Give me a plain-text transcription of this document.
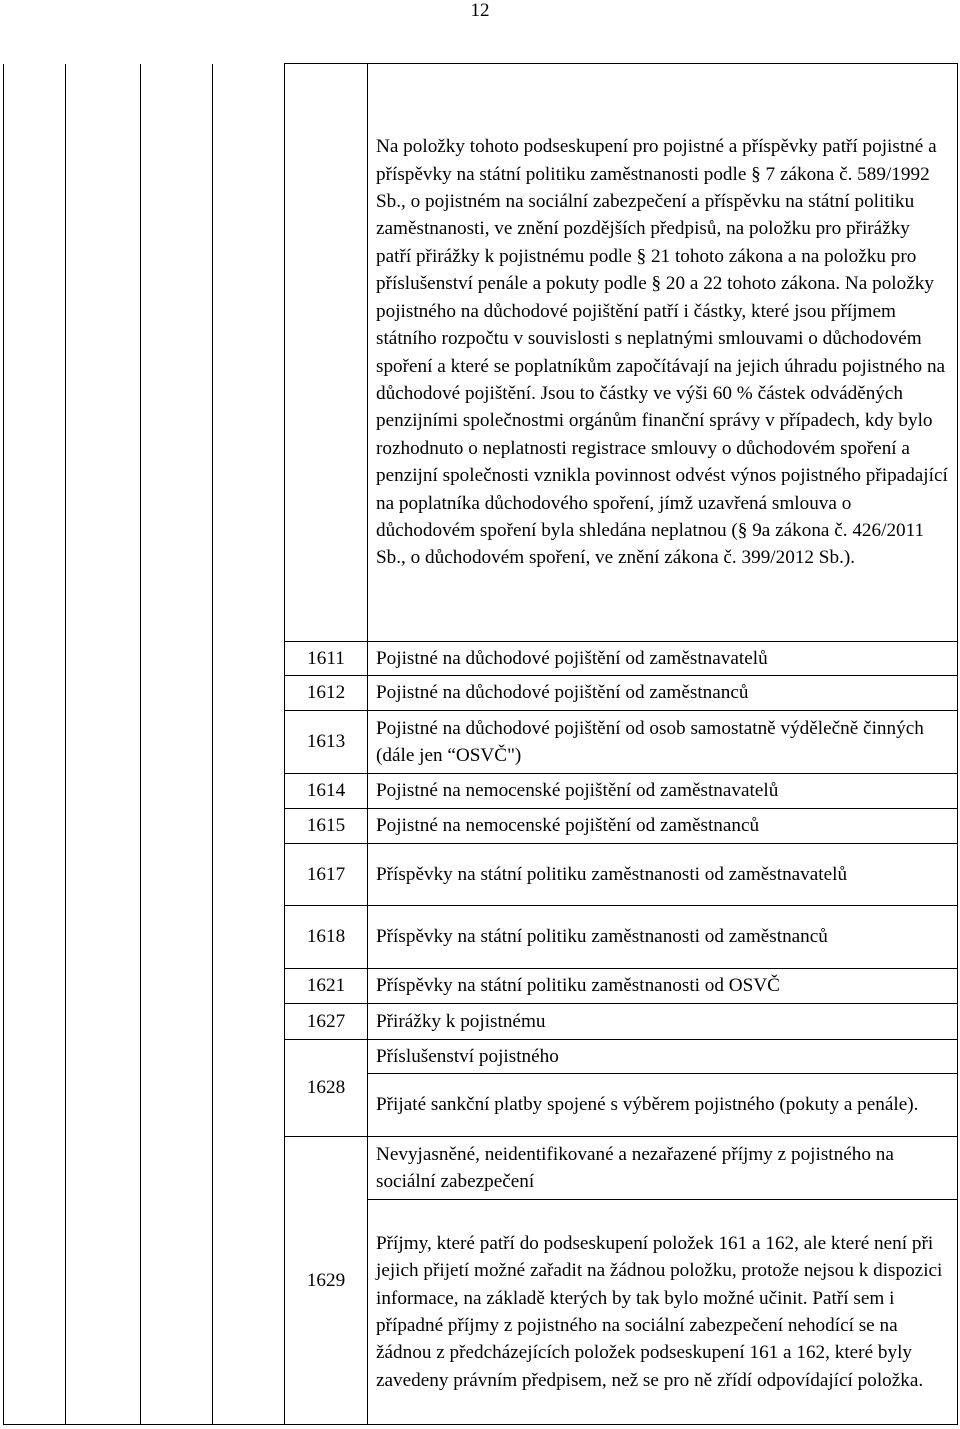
12

					Na položky tohoto podseskupení pro pojistné a příspěvky patří pojistné a příspěvky na státní politiku zaměstnanosti podle § 7 zákona č. 589/1992 Sb., o pojistném na sociální zabezpečení a příspěvku na státní politiku zaměstnanosti, ve znění pozdějších předpisů, na položku pro přirážky patří přirážky k pojistnému podle § 21 tohoto zákona a na položku pro příslušenství penále a pokuty podle § 20 a 22 tohoto zákona. Na položky pojistného na důchodové pojištění patří i částky, které jsou příjmem státního rozpočtu v souvislosti s neplatnými smlouvami o důchodovém spoření a které se poplatníkům započítávají na jejich úhradu pojistného na důchodové pojištění. Jsou to částky ve výši 60 % částek odváděných penzijními společnostmi orgánům finanční správy v případech, kdy bylo rozhodnuto o neplatnosti registrace smlouvy o důchodovém spoření a penzijní společnosti vznikla povinnost odvést výnos pojistného připadající na poplatníka důchodového spoření, jímž uzavřená smlouva o důchodovém spoření byla shledána neplatnou (§ 9a zákona č. 426/2011 Sb., o důchodovém spoření, ve znění zákona č. 399/2012 Sb.).

				1611	Pojistné na důchodové pojištění od zaměstnavatelů
				1612	Pojistné na důchodové pojištění od zaměstnanců
				1613	Pojistné na důchodové pojištění od osob samostatně výdělečně činných (dále jen “OSVČ")
				1614	Pojistné na nemocenské pojištění od zaměstnavatelů
				1615	Pojistné na nemocenské pojištění od zaměstnanců
				1617	Příspěvky na státní politiku zaměstnanosti od zaměstnavatelů
				1618	Příspěvky na státní politiku zaměstnanosti od zaměstnanců
				1621	Příspěvky na státní politiku zaměstnanosti od OSVČ
				1627	Přirážky k pojistnému
				1628	Příslušenství pojistného
					Přijaté sankční platby spojené s výběrem pojistného (pokuty a penále).
				1629	Nevyjasněné, neidentifikované a nezařazené příjmy z pojistného na sociální zabezpečení
					Příjmy, které patří do podseskupení položek 161 a 162, ale které není při jejich přijetí možné zařadit na žádnou položku, protože nejsou k dispozici informace, na základě kterých by tak bylo možné učinit. Patří sem i případné příjmy z pojistného na sociální zabezpečení nehodící se na žádnou z předcházejících položek podseskupení 161 a 162, které byly zavedeny právním předpisem, než se pro ně zřídí odpovídající položka.
